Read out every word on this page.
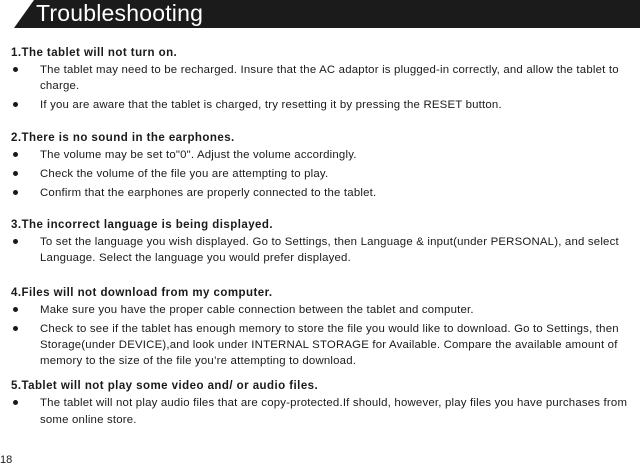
Troubleshooting
1.The tablet will not turn on.
The tablet may need to be recharged. Insure that the AC adaptor is plugged-in correctly, and allow the tablet to charge.
If you are aware that the tablet is charged, try resetting it by pressing the RESET button.
2.There is no sound in the earphones.
The volume may be set to"0". Adjust the volume accordingly.
Check the volume of the file you are attempting to play.
Confirm that the earphones are properly connected to the tablet.
3.The incorrect language is being displayed.
To set the language you wish displayed. Go to Settings, then Language & input(under PERSONAL), and select Language. Select the language you would prefer displayed.
4.Files will not download from my computer.
Make sure you have the proper cable connection between the tablet and computer.
Check to see if the tablet has enough memory to store the file you would like to download. Go to Settings, then Storage(under DEVICE),and look under INTERNAL STORAGE for Available. Compare the available amount of memory to the size of the file you’re attempting to download.
5.Tablet will not play some video and/ or audio files.
The tablet will not play audio files that are copy-protected.If should, however, play files you have purchases from some online store.
18
